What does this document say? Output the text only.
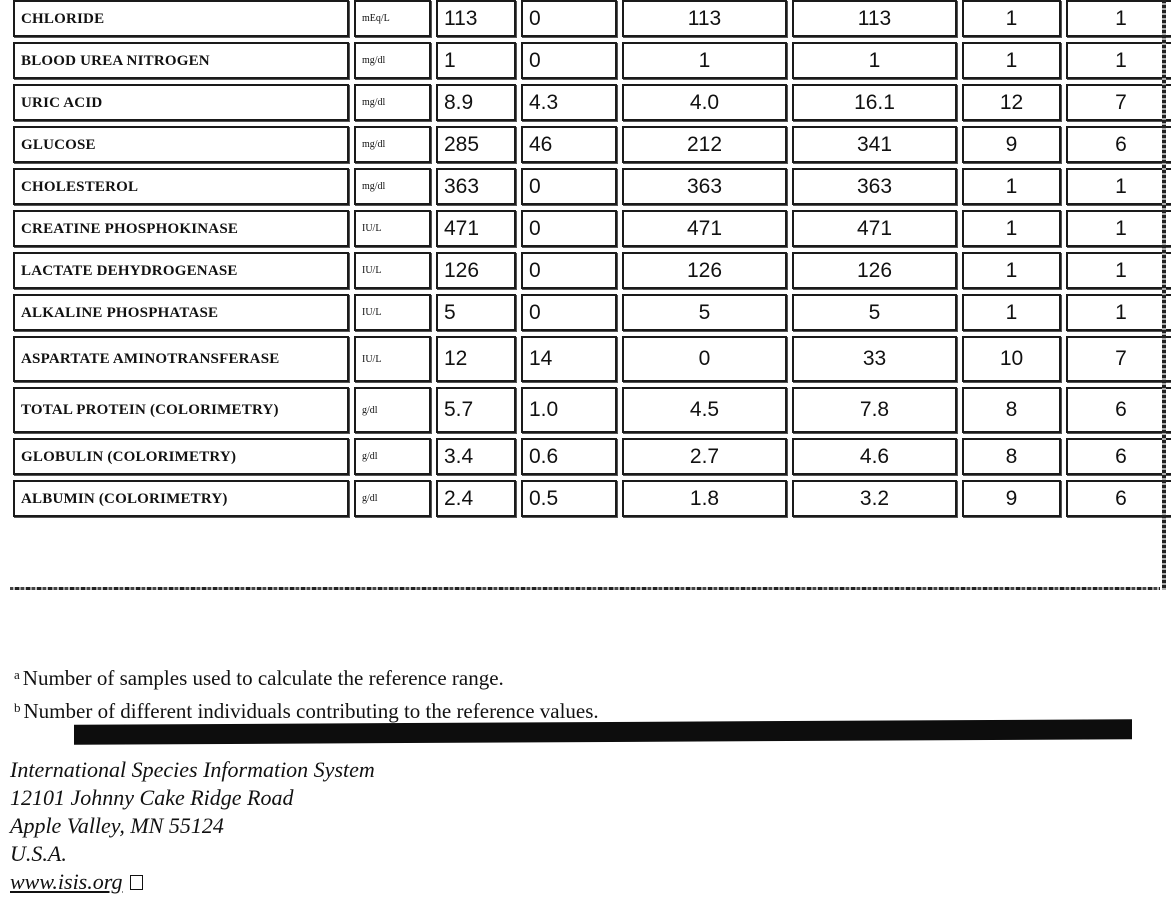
CHLORIDE	mEq/L	113	0	113	113	1	1
BLOOD UREA NITROGEN	mg/dl	1	0	1	1	1	1
URIC ACID	mg/dl	8.9	4.3	4.0	16.1	12	7
GLUCOSE	mg/dl	285	46	212	341	9	6
CHOLESTEROL	mg/dl	363	0	363	363	1	1
CREATINE PHOSPHOKINASE	IU/L	471	0	471	471	1	1
LACTATE DEHYDROGENASE	IU/L	126	0	126	126	1	1
ALKALINE PHOSPHATASE	IU/L	5	0	5	5	1	1
ASPARTATE AMINOTRANSFERASE	IU/L	12	14	0	33	10	7
TOTAL PROTEIN (COLORIMETRY)	g/dl	5.7	1.0	4.5	7.8	8	6
GLOBULIN (COLORIMETRY)	g/dl	3.4	0.6	2.7	4.6	8	6
ALBUMIN (COLORIMETRY)	g/dl	2.4	0.5	1.8	3.2	9	6
$^a$ Number of samples used to calculate the reference range.
$^b$ Number of different individuals contributing to the reference values.
International Species Information System
12101 Johnny Cake Ridge Road
Apple Valley, MN 55124
U.S.A.
www.isis.org
